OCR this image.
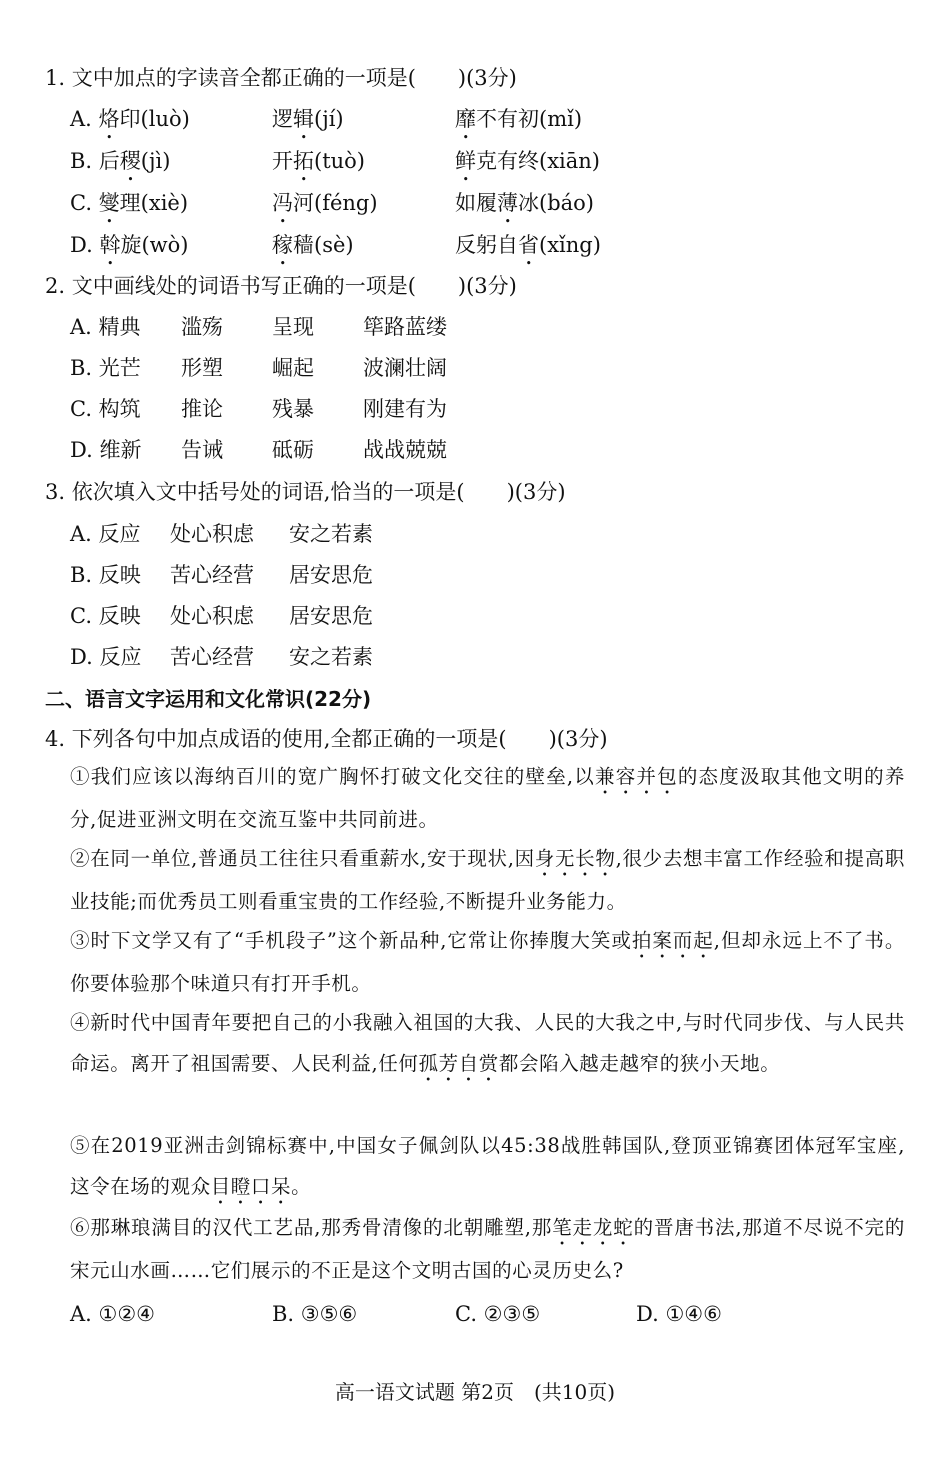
1. 文中加点的字读音全都正确的一项是(　　)(3分)
A. 烙印(luò)	逻辑(jí)	靡不有初(mǐ)
B. 后稷(jì)	开拓(tuò)	鲜克有终(xiān)
C. 燮理(xiè)	冯河(féng)	如履薄冰(báo)
D. 斡旋(wò)	稼穑(sè)	反躬自省(xǐng)
2. 文中画线处的词语书写正确的一项是(　　)(3分)
A. 精典 滥殇 呈现 筚路蓝缕
B. 光芒 形塑 崛起 波澜壮阔
C. 构筑 推论 残暴 刚建有为
D. 维新 告诫 砥砺 战战兢兢
3. 依次填入文中括号处的词语,恰当的一项是(　　)(3分)
A. 反应 处心积虑 安之若素
B. 反映 苦心经营 居安思危
C. 反映 处心积虑 居安思危
D. 反应 苦心经营 安之若素
二、语言文字运用和文化常识(22分)
4. 下列各句中加点成语的使用,全都正确的一项是(　　)(3分)
①我们应该以海纳百川的宽广胸怀打破文化交往的壁垒,以兼容并包的态度汲取其他文明的养分,促进亚洲文明在交流互鉴中共同前进。
②在同一单位,普通员工往往只看重薪水,安于现状,因身无长物,很少去想丰富工作经验和提高职业技能;而优秀员工则看重宝贵的工作经验,不断提升业务能力。
③时下文学又有了“手机段子”这个新品种,它常让你捧腹大笑或拍案而起,但却永远上不了书。你要体验那个味道只有打开手机。
④新时代中国青年要把自己的小我融入祖国的大我、人民的大我之中,与时代同步伐、与人民共命运。离开了祖国需要、人民利益,任何孤芳自赏都会陷入越走越窄的狭小天地。
⑤在2019亚洲击剑锦标赛中,中国女子佩剑队以45:38战胜韩国队,登顶亚锦赛团体冠军宝座,这令在场的观众目瞪口呆。
⑥那琳琅满目的汉代工艺品,那秀骨清像的北朝雕塑,那笔走龙蛇的晋唐书法,那道不尽说不完的宋元山水画……它们展示的不正是这个文明古国的心灵历史么?
A. ①②④	B. ③⑤⑥	C. ②③⑤	D. ①④⑥
高一语文试题 第2页　(共10页)
